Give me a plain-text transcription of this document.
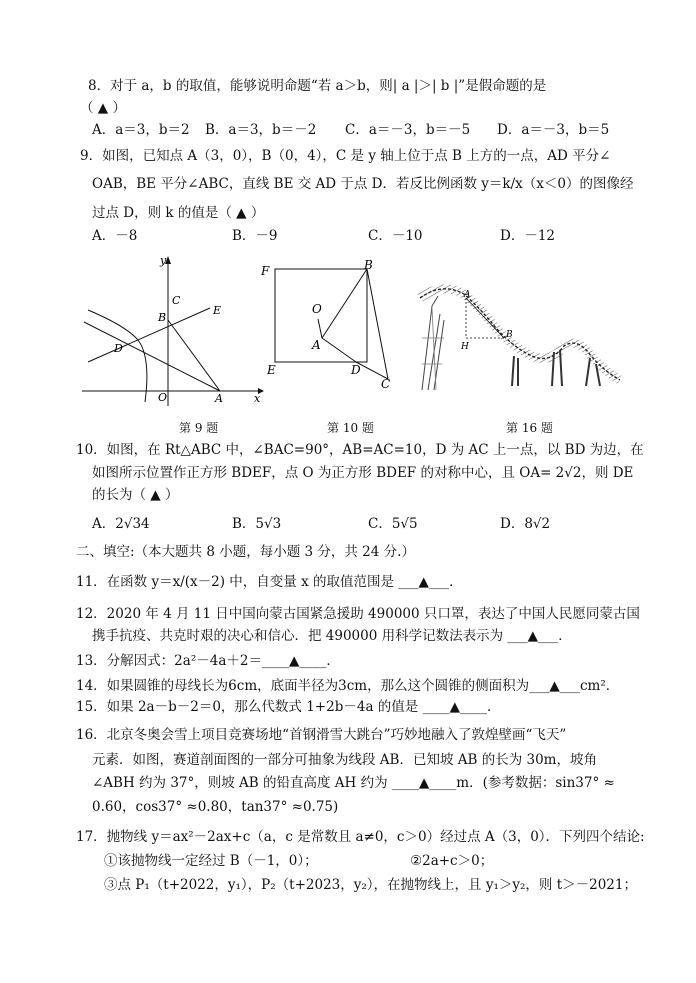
8．对于 a，b 的取值，能够说明命题“若 a＞b，则| a |＞| b |”是假命题的是
（ ▲ ）
A．a＝3，b＝2 B．a＝3，b＝－2 C．a＝－3，b＝－5 D．a＝－3，b＝5
9．如图，已知点 A（3，0），B（0，4），C 是 y 轴上位于点 B 上方的一点，AD 平分∠
OAB，BE 平分∠ABC，直线 BE 交 AD 于点 D．若反比例函数 y＝k/x（x＜0）的图像经
过点 D，则 k 的值是（ ▲ ）
A．－8	B．－9	C．－10	D．－12
y
C
E
B
D
O	A	x
第 9 题
F	B
O
A
E	D
C
第 10 题
A
B
H
第 16 题
10．如图，在 Rt△ABC 中，∠BAC=90°，AB=AC=10，D 为 AC 上一点，以 BD 为边，在
如图所示位置作正方形 BDEF，点 O 为正方形 BDEF 的对称中心，且 OA= 2√2，则 DE
的长为（ ▲ ）
A．2√34	B．5√3	C．5√5	D．8√2
二、填空:（本大题共 8 小题，每小题 3 分，共 24 分.）
11．在函数 y＝x/(x－2) 中，自变量 x 的取值范围是 ___▲___．
12．2020 年 4 月 11 日中国向蒙古国紧急援助 490000 只口罩，表达了中国人民愿同蒙古国
携手抗疫、共克时艰的决心和信心．把 490000 用科学记数法表示为 ___▲___．
13．分解因式：2a²－4a＋2＝____▲____．
14．如果圆锥的母线长为6cm，底面半径为3cm，那么这个圆锥的侧面积为___▲___cm²．
15．如果 2a－b－2＝0，那么代数式 1+2b－4a 的值是 ____▲____．
16．北京冬奥会雪上项目竞赛场地“首钢滑雪大跳台”巧妙地融入了敦煌壁画“飞天”
元素．如图，赛道剖面图的一部分可抽象为线段 AB．已知坡 AB 的长为 30m，坡角
∠ABH 约为 37°，则坡 AB 的铅直高度 AH 约为 ____▲____m．(参考数据：sin37° ≈
0.60，cos37° ≈0.80，tan37° ≈0.75)
17．抛物线 y＝ax²－2ax+c（a，c 是常数且 a≠0，c＞0）经过点 A（3，0）．下列四个结论:
①该抛物线一定经过 B（－1，0）；	②2a+c＞0；
③点 P₁（t+2022，y₁），P₂（t+2023，y₂），在抛物线上，且 y₁＞y₂，则 t＞－2021；
